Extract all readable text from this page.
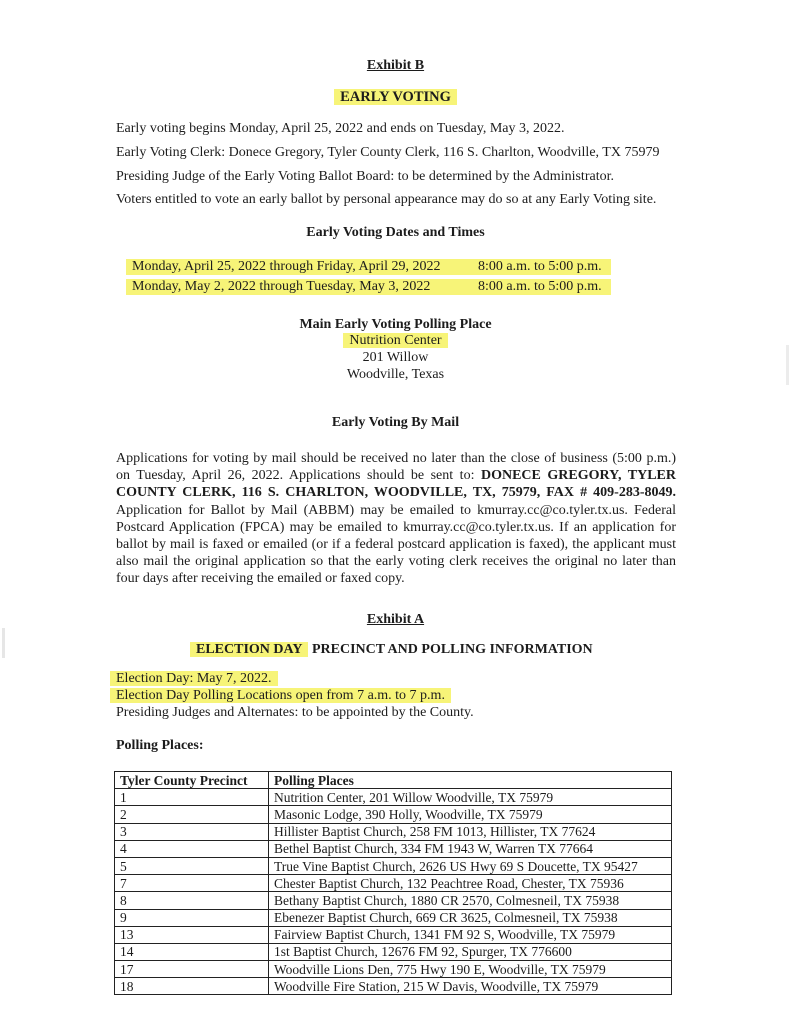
Exhibit B
EARLY VOTING
Early voting begins Monday, April 25, 2022 and ends on Tuesday, May 3, 2022.
Early Voting Clerk: Donece Gregory, Tyler County Clerk, 116 S. Charlton, Woodville, TX 75979
Presiding Judge of the Early Voting Ballot Board: to be determined by the Administrator.
Voters entitled to vote an early ballot by personal appearance may do so at any Early Voting site.
Early Voting Dates and Times
Monday, April 25, 2022 through Friday, April 29, 2022	8:00 a.m. to 5:00 p.m.
Monday, May 2, 2022 through Tuesday, May 3, 2022	8:00 a.m. to 5:00 p.m.
Main Early Voting Polling Place
Nutrition Center
201 Willow
Woodville, Texas
Early Voting By Mail
Applications for voting by mail should be received no later than the close of business (5:00 p.m.) on Tuesday, April 26, 2022. Applications should be sent to: DONECE GREGORY, TYLER COUNTY CLERK, 116 S. CHARLTON, WOODVILLE, TX, 75979, FAX # 409-283-8049. Application for Ballot by Mail (ABBM) may be emailed to kmurray.cc@co.tyler.tx.us. Federal Postcard Application (FPCA) may be emailed to kmurray.cc@co.tyler.tx.us. If an application for ballot by mail is faxed or emailed (or if a federal postcard application is faxed), the applicant must also mail the original application so that the early voting clerk receives the original no later than four days after receiving the emailed or faxed copy.
Exhibit A
ELECTION DAY PRECINCT AND POLLING INFORMATION
Election Day: May 7, 2022.
Election Day Polling Locations open from 7 a.m. to 7 p.m.
Presiding Judges and Alternates: to be appointed by the County.
Polling Places:
Tyler County Precinct	Polling Places
1	Nutrition Center, 201 Willow Woodville, TX 75979
2	Masonic Lodge, 390 Holly, Woodville, TX 75979
3	Hillister Baptist Church, 258 FM 1013, Hillister, TX 77624
4	Bethel Baptist Church, 334 FM 1943 W, Warren TX 77664
5	True Vine Baptist Church, 2626 US Hwy 69 S Doucette, TX 95427
7	Chester Baptist Church, 132 Peachtree Road, Chester, TX 75936
8	Bethany Baptist Church, 1880 CR 2570, Colmesneil, TX 75938
9	Ebenezer Baptist Church, 669 CR 3625, Colmesneil, TX 75938
13	Fairview Baptist Church, 1341 FM 92 S, Woodville, TX 75979
14	1st Baptist Church, 12676 FM 92, Spurger, TX 776600
17	Woodville Lions Den, 775 Hwy 190 E, Woodville, TX 75979
18	Woodville Fire Station, 215 W Davis, Woodville, TX 75979
